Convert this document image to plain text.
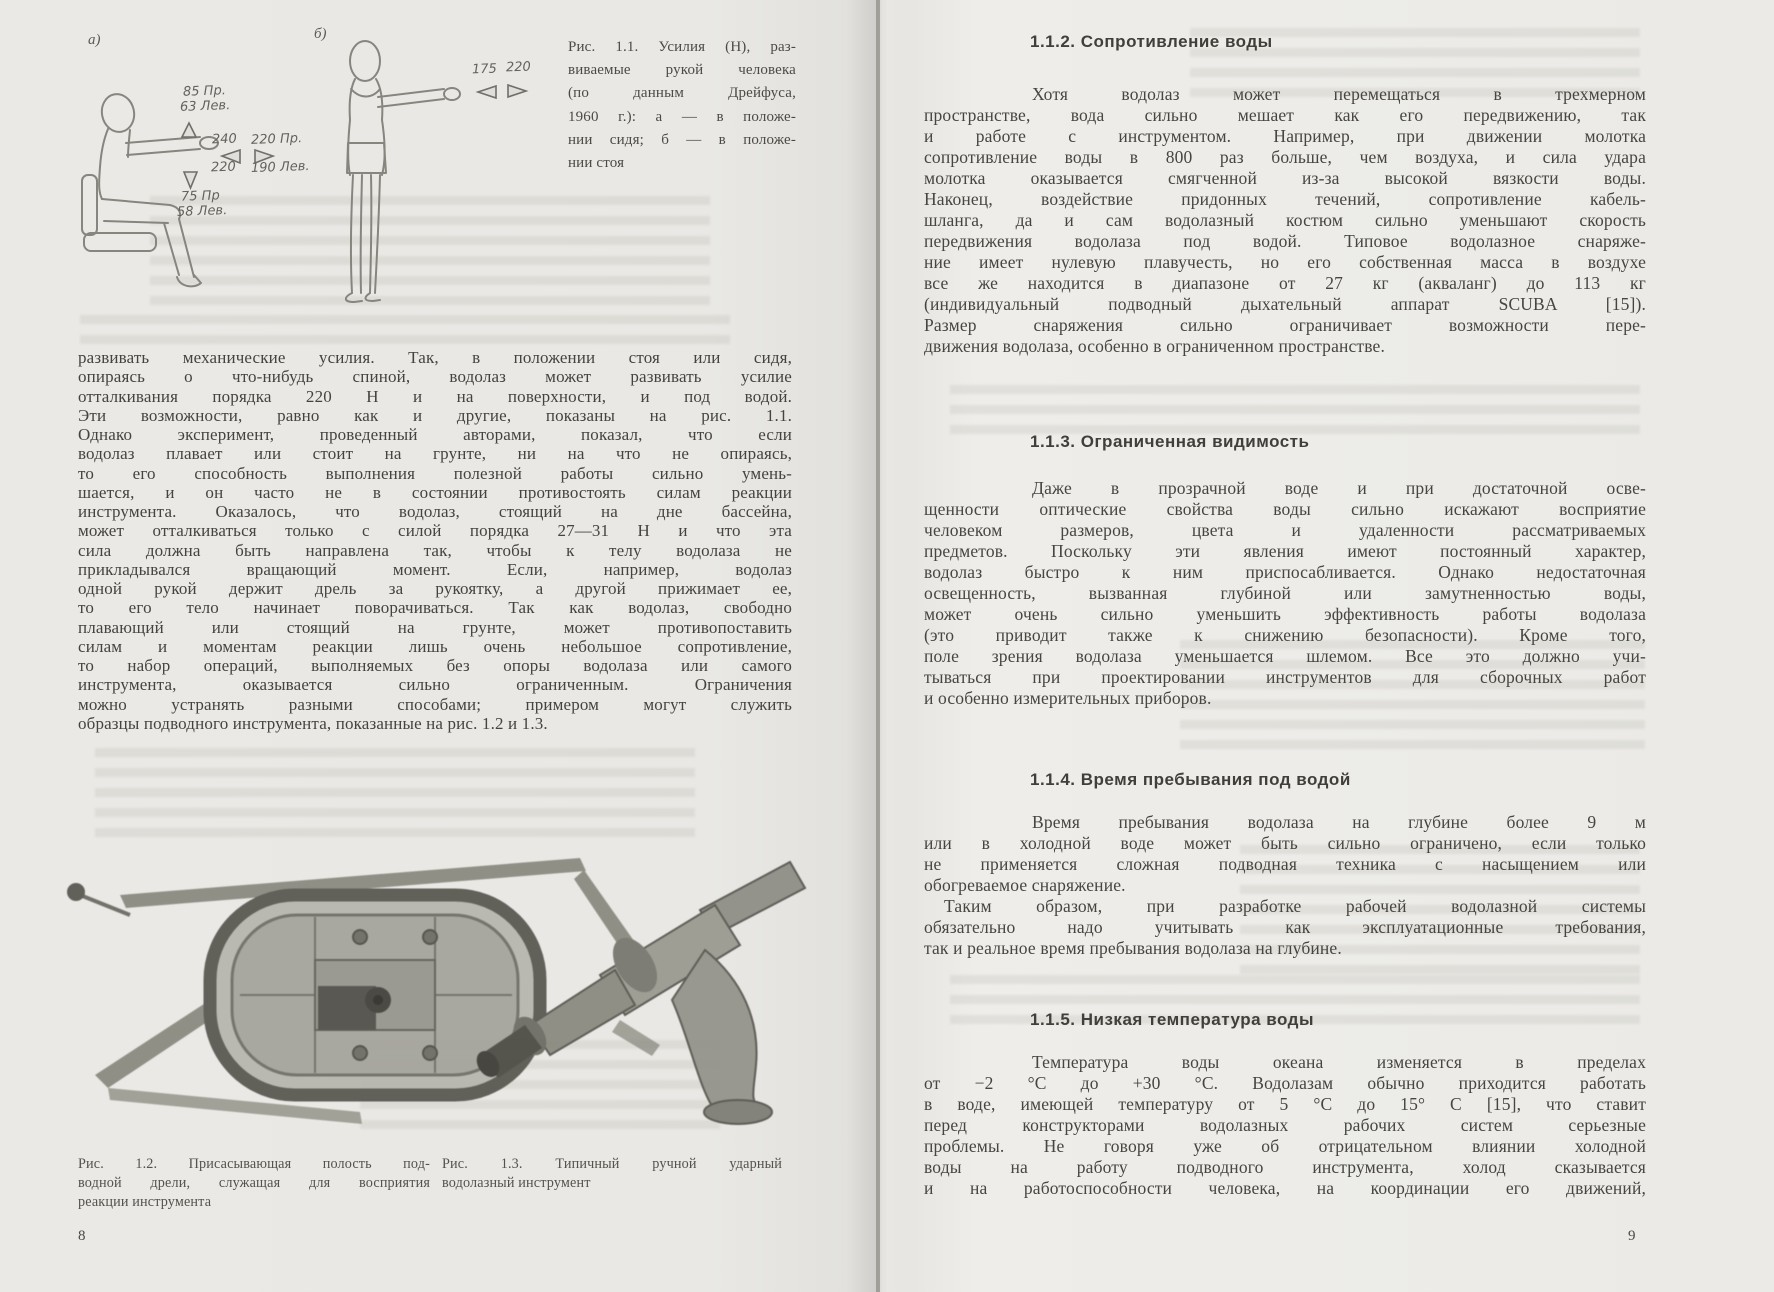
а)	б)
85 Пр.
63 Лев.
240
220
220 Пр.
190 Лев.
75 Пр
58 Лев.
175 220
Рис. 1.1. Усилия (Н), раз-
виваемые рукой человека
(по данным Дрейфуса,
1960 г.): а — в положе-
нии сидя; б — в положе-
нии стоя
развивать механические усилия. Так, в положении стоя или сидя,
опираясь о что-нибудь спиной, водолаз может развивать усилие
отталкивания порядка 220 Н и на поверхности, и под водой.
Эти возможности, равно как и другие, показаны на рис. 1.1.
Однако эксперимент, проведенный авторами, показал, что если
водолаз плавает или стоит на грунте, ни на что не опираясь,
то его способность выполнения полезной работы сильно умень-
шается, и он часто не в состоянии противостоять силам реакции
инструмента. Оказалось, что водолаз, стоящий на дне бассейна,
может отталкиваться только с силой порядка 27—31 Н и что эта
сила должна быть направлена так, чтобы к телу водолаза не
прикладывался вращающий момент. Если, например, водолаз
одной рукой держит дрель за рукоятку, а другой прижимает ее,
то его тело начинает поворачиваться. Так как водолаз, свободно
плавающий или стоящий на грунте, может противопоставить
силам и моментам реакции лишь очень небольшое сопротивление,
то набор операций, выполняемых без опоры водолаза или самого
инструмента, оказывается сильно ограниченным. Ограничения
можно устранять разными способами; примером могут служить
образцы подводного инструмента, показанные на рис. 1.2 и 1.3.
Рис. 1.2. Присасывающая полость под-
водной дрели, служащая для восприятия
реакции инструмента
Рис. 1.3. Типичный ручной ударный
водолазный инструмент
8
1.1.2. Сопротивление воды
Хотя водолаз может перемещаться в трехмерном
пространстве, вода сильно мешает как его передвижению, так
и работе с инструментом. Например, при движении молотка
сопротивление воды в 800 раз больше, чем воздуха, и сила удара
молотка оказывается смягченной из-за высокой вязкости воды.
Наконец, воздействие придонных течений, сопротивление кабель-
шланга, да и сам водолазный костюм сильно уменьшают скорость
передвижения водолаза под водой. Типовое водолазное снаряже-
ние имеет нулевую плавучесть, но его собственная масса в воздухе
все же находится в диапазоне от 27 кг (акваланг) до 113 кг
(индивидуальный подводный дыхательный аппарат SCUBA [15]).
Размер снаряжения сильно ограничивает возможности пере-
движения водолаза, особенно в ограниченном пространстве.
1.1.3. Ограниченная видимость
Даже в прозрачной воде и при достаточной осве-
щенности оптические свойства воды сильно искажают восприятие
человеком размеров, цвета и удаленности рассматриваемых
предметов. Поскольку эти явления имеют постоянный характер,
водолаз быстро к ним приспосабливается. Однако недостаточная
освещенность, вызванная глубиной или замутненностью воды,
может очень сильно уменьшить эффективность работы водолаза
(это приводит также к снижению безопасности). Кроме того,
поле зрения водолаза уменьшается шлемом. Все это должно учи-
тываться при проектировании инструментов для сборочных работ
и особенно измерительных приборов.
1.1.4. Время пребывания под водой
Время пребывания водолаза на глубине более 9 м
или в холодной воде может быть сильно ограничено, если только
не применяется сложная подводная техника с насыщением или
обогреваемое снаряжение.
Таким образом, при разработке рабочей водолазной системы
обязательно надо учитывать как эксплуатационные требования,
так и реальное время пребывания водолаза на глубине.
1.1.5. Низкая температура воды
Температура воды океана изменяется в пределах
от −2 °С до +30 °С. Водолазам обычно приходится работать
в воде, имеющей температуру от 5 °С до 15° С [15], что ставит
перед конструкторами водолазных рабочих систем серьезные
проблемы. Не говоря уже об отрицательном влиянии холодной
воды на работу подводного инструмента, холод сказывается
и на работоспособности человека, на координации его движений,
9
